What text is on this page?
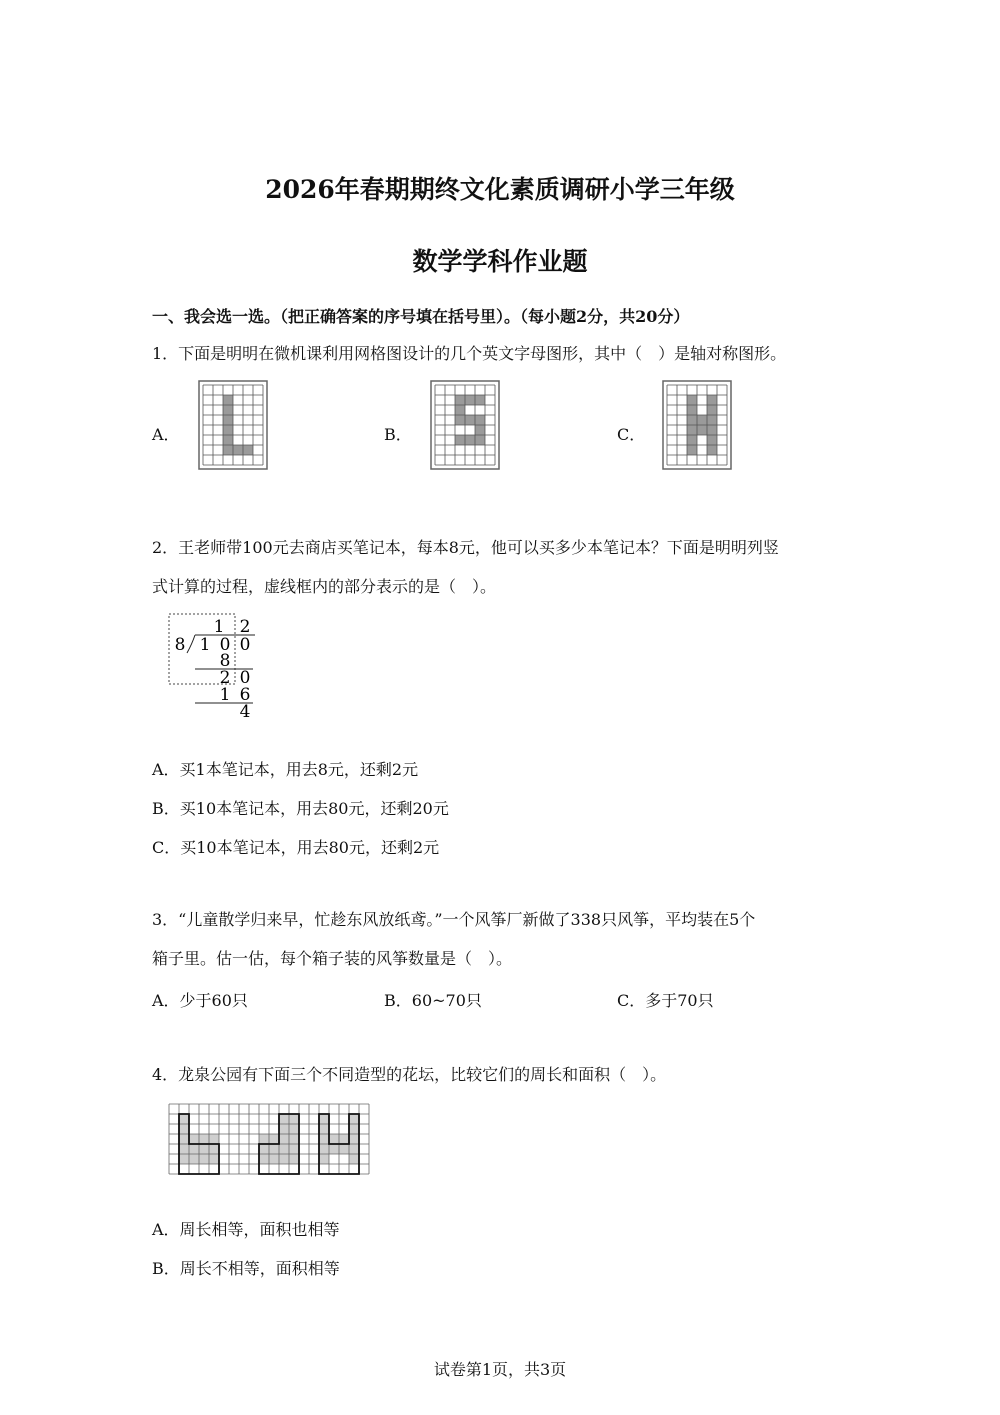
2026年春期期终文化素质调研小学三年级
数学学科作业题
一、我会选一选。（把正确答案的序号填在括号里）。（每小题2分，共20分）
1．下面是明明在微机课利用网格图设计的几个英文字母图形，其中（　）是轴对称图形。
A．	B．	C．
2．王老师带100元去商店买笔记本，每本8元，他可以买多少本笔记本？下面是明明列竖
式计算的过程，虚线框内的部分表示的是（　）。
1 2
8 1 0 0
8
2 0
1 6
4
A．买1本笔记本，用去8元，还剩2元
B．买10本笔记本，用去80元，还剩20元
C．买10本笔记本，用去80元，还剩2元
3．“儿童散学归来早，忙趁东风放纸鸢。”一个风筝厂新做了338只风筝，平均装在5个
箱子里。估一估，每个箱子装的风筝数量是（　）。
A．少于60只	B．60~70只	C．多于70只
4．龙泉公园有下面三个不同造型的花坛，比较它们的周长和面积（　）。
A．周长相等，面积也相等
B．周长不相等，面积相等
试卷第1页，共3页
